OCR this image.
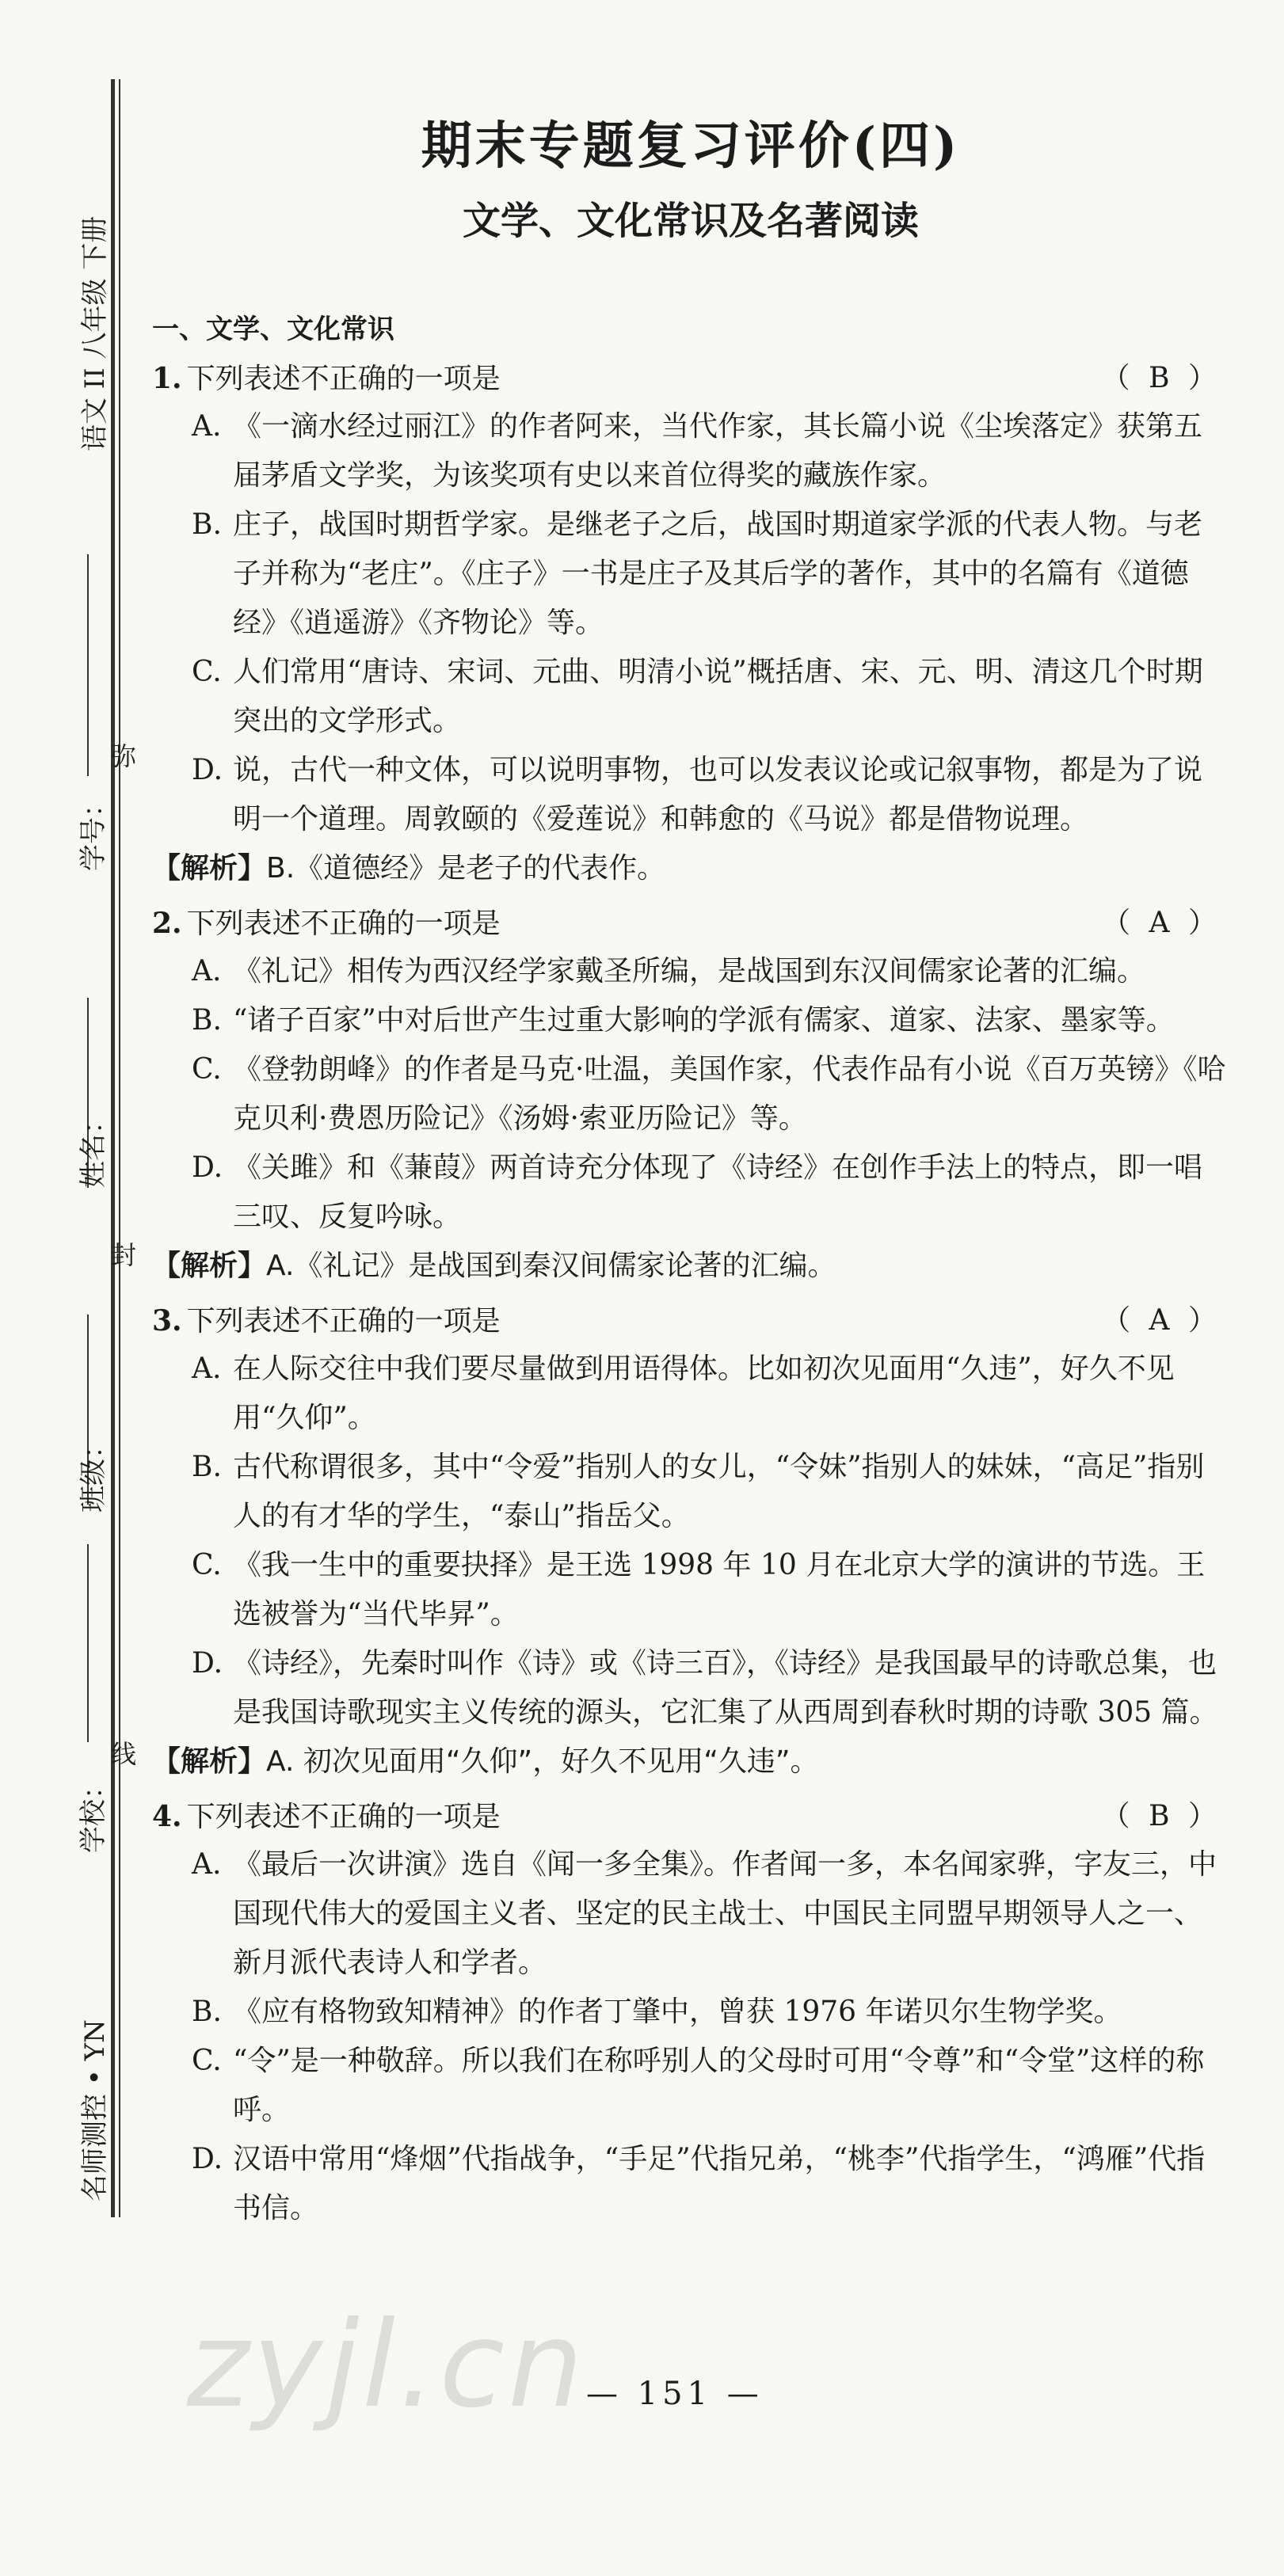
语文 II 八年级 下册
学校：
班级：
姓名：
学号：
弥
封
线
名师测控 • YN
期末专题复习评价(四)
文学、文化常识及名著阅读
一、文学、文化常识
1. 下列表述不正确的一项是	（ B ）
A. 《一滴水经过丽江》的作者阿来，当代作家，其长篇小说《尘埃落定》获第五届茅盾文学奖，为该奖项有史以来首位得奖的藏族作家。
B. 庄子，战国时期哲学家。是继老子之后，战国时期道家学派的代表人物。与老子并称为“老庄”。《庄子》一书是庄子及其后学的著作，其中的名篇有《道德经》《逍遥游》《齐物论》等。
C. 人们常用“唐诗、宋词、元曲、明清小说”概括唐、宋、元、明、清这几个时期突出的文学形式。
D. 说，古代一种文体，可以说明事物，也可以发表议论或记叙事物，都是为了说明一个道理。周敦颐的《爱莲说》和韩愈的《马说》都是借物说理。
【解析】B.《道德经》是老子的代表作。
2. 下列表述不正确的一项是	（ A ）
A. 《礼记》相传为西汉经学家戴圣所编，是战国到东汉间儒家论著的汇编。
B. “诸子百家”中对后世产生过重大影响的学派有儒家、道家、法家、墨家等。
C. 《登勃朗峰》的作者是马克·吐温，美国作家，代表作品有小说《百万英镑》《哈克贝利·费恩历险记》《汤姆·索亚历险记》等。
D. 《关雎》和《蒹葭》两首诗充分体现了《诗经》在创作手法上的特点，即一唱三叹、反复吟咏。
【解析】A.《礼记》是战国到秦汉间儒家论著的汇编。
3. 下列表述不正确的一项是	（ A ）
A. 在人际交往中我们要尽量做到用语得体。比如初次见面用“久违”，好久不见用“久仰”。
B. 古代称谓很多，其中“令爱”指别人的女儿，“令妹”指别人的妹妹，“高足”指别人的有才华的学生，“泰山”指岳父。
C. 《我一生中的重要抉择》是王选 1998 年 10 月在北京大学的演讲的节选。王选被誉为“当代毕昇”。
D. 《诗经》，先秦时叫作《诗》或《诗三百》，《诗经》是我国最早的诗歌总集，也是我国诗歌现实主义传统的源头，它汇集了从西周到春秋时期的诗歌 305 篇。
【解析】A. 初次见面用“久仰”，好久不见用“久违”。
4. 下列表述不正确的一项是	（ B ）
A. 《最后一次讲演》选自《闻一多全集》。作者闻一多，本名闻家骅，字友三，中国现代伟大的爱国主义者、坚定的民主战士、中国民主同盟早期领导人之一、新月派代表诗人和学者。
B. 《应有格物致知精神》的作者丁肇中，曾获 1976 年诺贝尔生物学奖。
C. “令”是一种敬辞。所以我们在称呼别人的父母时可用“令尊”和“令堂”这样的称呼。
D. 汉语中常用“烽烟”代指战争，“手足”代指兄弟，“桃李”代指学生，“鸿雁”代指书信。
zyjl.cn — 151 —
